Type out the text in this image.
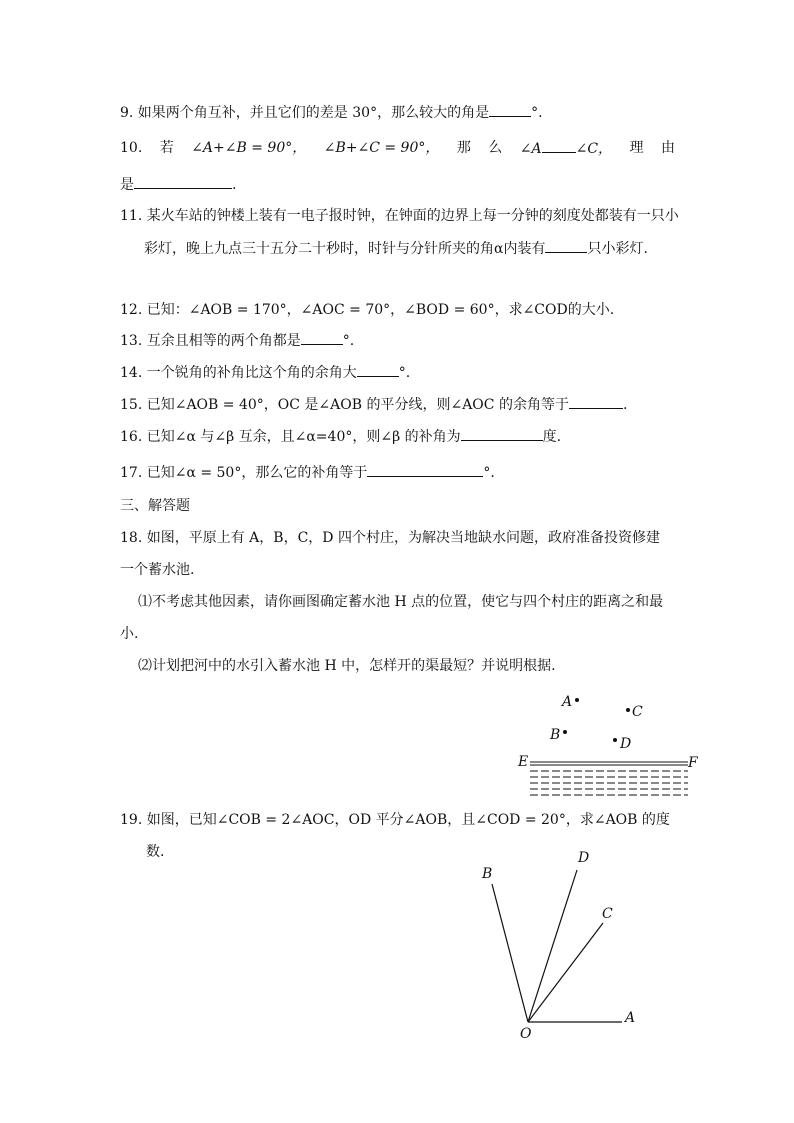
9. 如果两个角互补，并且它们的差是 30°，那么较大的角是	°.
10. 若 ∠A+∠B = 90°， ∠B+∠C = 90°， 那 么 ∠A ∠C， 理 由
是	.
11. 某火车站的钟楼上装有一电子报时钟，在钟面的边界上每一分钟的刻度处都装有一只小
彩灯，晚上九点三十五分二十秒时，时针与分针所夹的角α内装有	只小彩灯.
12. 已知：∠AOB = 170°，∠AOC = 70°，∠BOD = 60°，求∠COD的大小.
13. 互余且相等的两个角都是	°.
14. 一个锐角的补角比这个角的余角大	°.
15. 已知∠AOB = 40°，OC 是∠AOB 的平分线，则∠AOC 的余角等于	.
16. 已知∠α 与∠β 互余，且∠α=40°，则∠β 的补角为	度.
17. 已知∠α = 50°，那么它的补角等于	°.
三、解答题
18. 如图，平原上有 A，B，C，D 四个村庄，为解决当地缺水问题，政府准备投资修建
一个蓄水池.
⑴不考虑其他因素，请你画图确定蓄水池 H 点的位置，使它与四个村庄的距离之和最
小.
⑵计划把河中的水引入蓄水池 H 中，怎样开的渠最短？并说明根据.
A
C
B
D
E	F
19. 如图，已知∠COB = 2∠AOC，OD 平分∠AOB，且∠COD = 20°，求∠AOB 的度
数.
B
D
C
O
A
